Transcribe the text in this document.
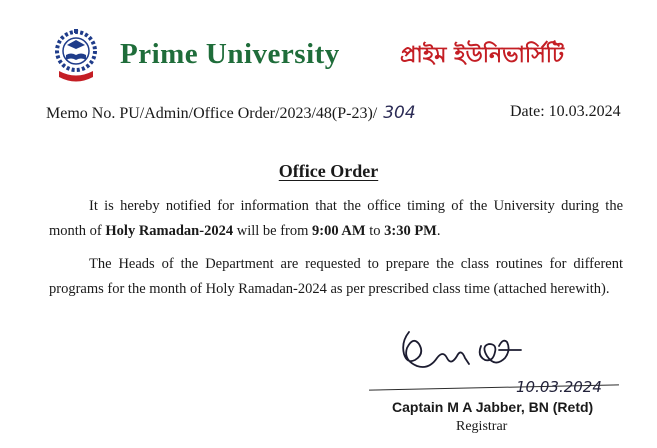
Prime University	প্রাইম ইউনিভার্সিটি
Memo No. PU/Admin/Office Order/2023/48(P-23)/ 304	Date: 10.03.2024
Office Order
It is hereby notified for information that the office timing of the University during the month of Holy Ramadan-2024 will be from 9:00 AM to 3:30 PM.
The Heads of the Department are requested to prepare the class routines for different programs for the month of Holy Ramadan-2024 as per prescribed class time (attached herewith).
10.03.2024
Captain M A Jabber, BN (Retd)
Registrar
